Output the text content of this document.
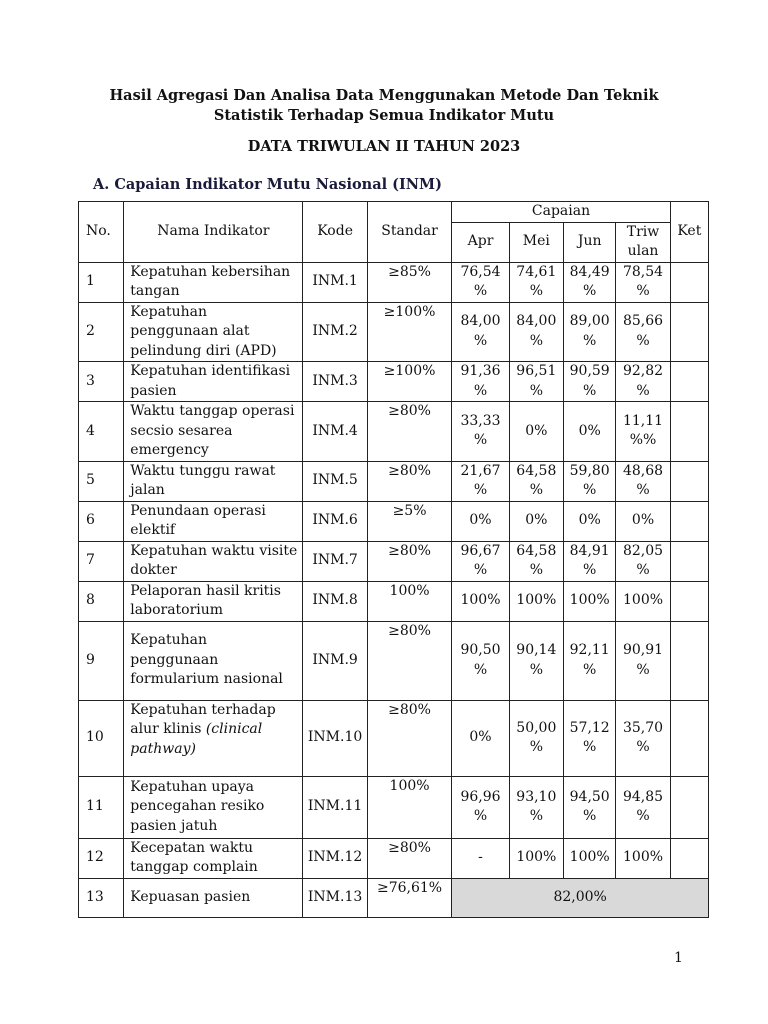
Hasil Agregasi Dan Analisa Data Menggunakan Metode Dan Teknik

Statistik Terhadap Semua Indikator Mutu

DATA TRIWULAN II TAHUN 2023

A. Capaian Indikator Mutu Nasional (INM)

No.	Nama Indikator	Kode	Standar	Capaian				Ket
				Apr	Mei	Jun	Triw
ulan	
1	Kepatuhan kebersihan tangan	INM.1	≥85%	76,54 %	74,61 %	84,49 %	78,54 %	
2	Kepatuhan penggunaan alat pelindung diri (APD)	INM.2	≥100%	84,00 %	84,00 %	89,00 %	85,66 %	
3	Kepatuhan identifikasi pasien	INM.3	≥100%	91,36 %	96,51 %	90,59 %	92,82 %	
4	Waktu tanggap operasi secsio sesarea emergency	INM.4	≥80%	33,33 %	0%	0%	11,11 %%	
5	Waktu tunggu rawat jalan	INM.5	≥80%	21,67 %	64,58 %	59,80 %	48,68 %	
6	Penundaan operasi elektif	INM.6	≥5%	0%	0%	0%	0%	
7	Kepatuhan waktu visite dokter	INM.7	≥80%	96,67 %	64,58 %	84,91 %	82,05 %	
8	Pelaporan hasil kritis laboratorium	INM.8	100%	100%	100%	100%	100%	
9	Kepatuhan penggunaan formularium nasional	INM.9	≥80%	90,50 %	90,14 %	92,11 %	90,91 %	
10	Kepatuhan terhadap alur klinis (clinical pathway)	INM.10	≥80%	0%	50,00 %	57,12 %	35,70 %	
11	Kepatuhan upaya pencegahan resiko pasien jatuh	INM.11	100%	96,96 %	93,10 %	94,50 %	94,85 %	
12	Kecepatan waktu tanggap complain	INM.12	≥80%	-	100%	100%	100%	
13	Kepuasan pasien	INM.13	≥76,61%	82,00%				
1
